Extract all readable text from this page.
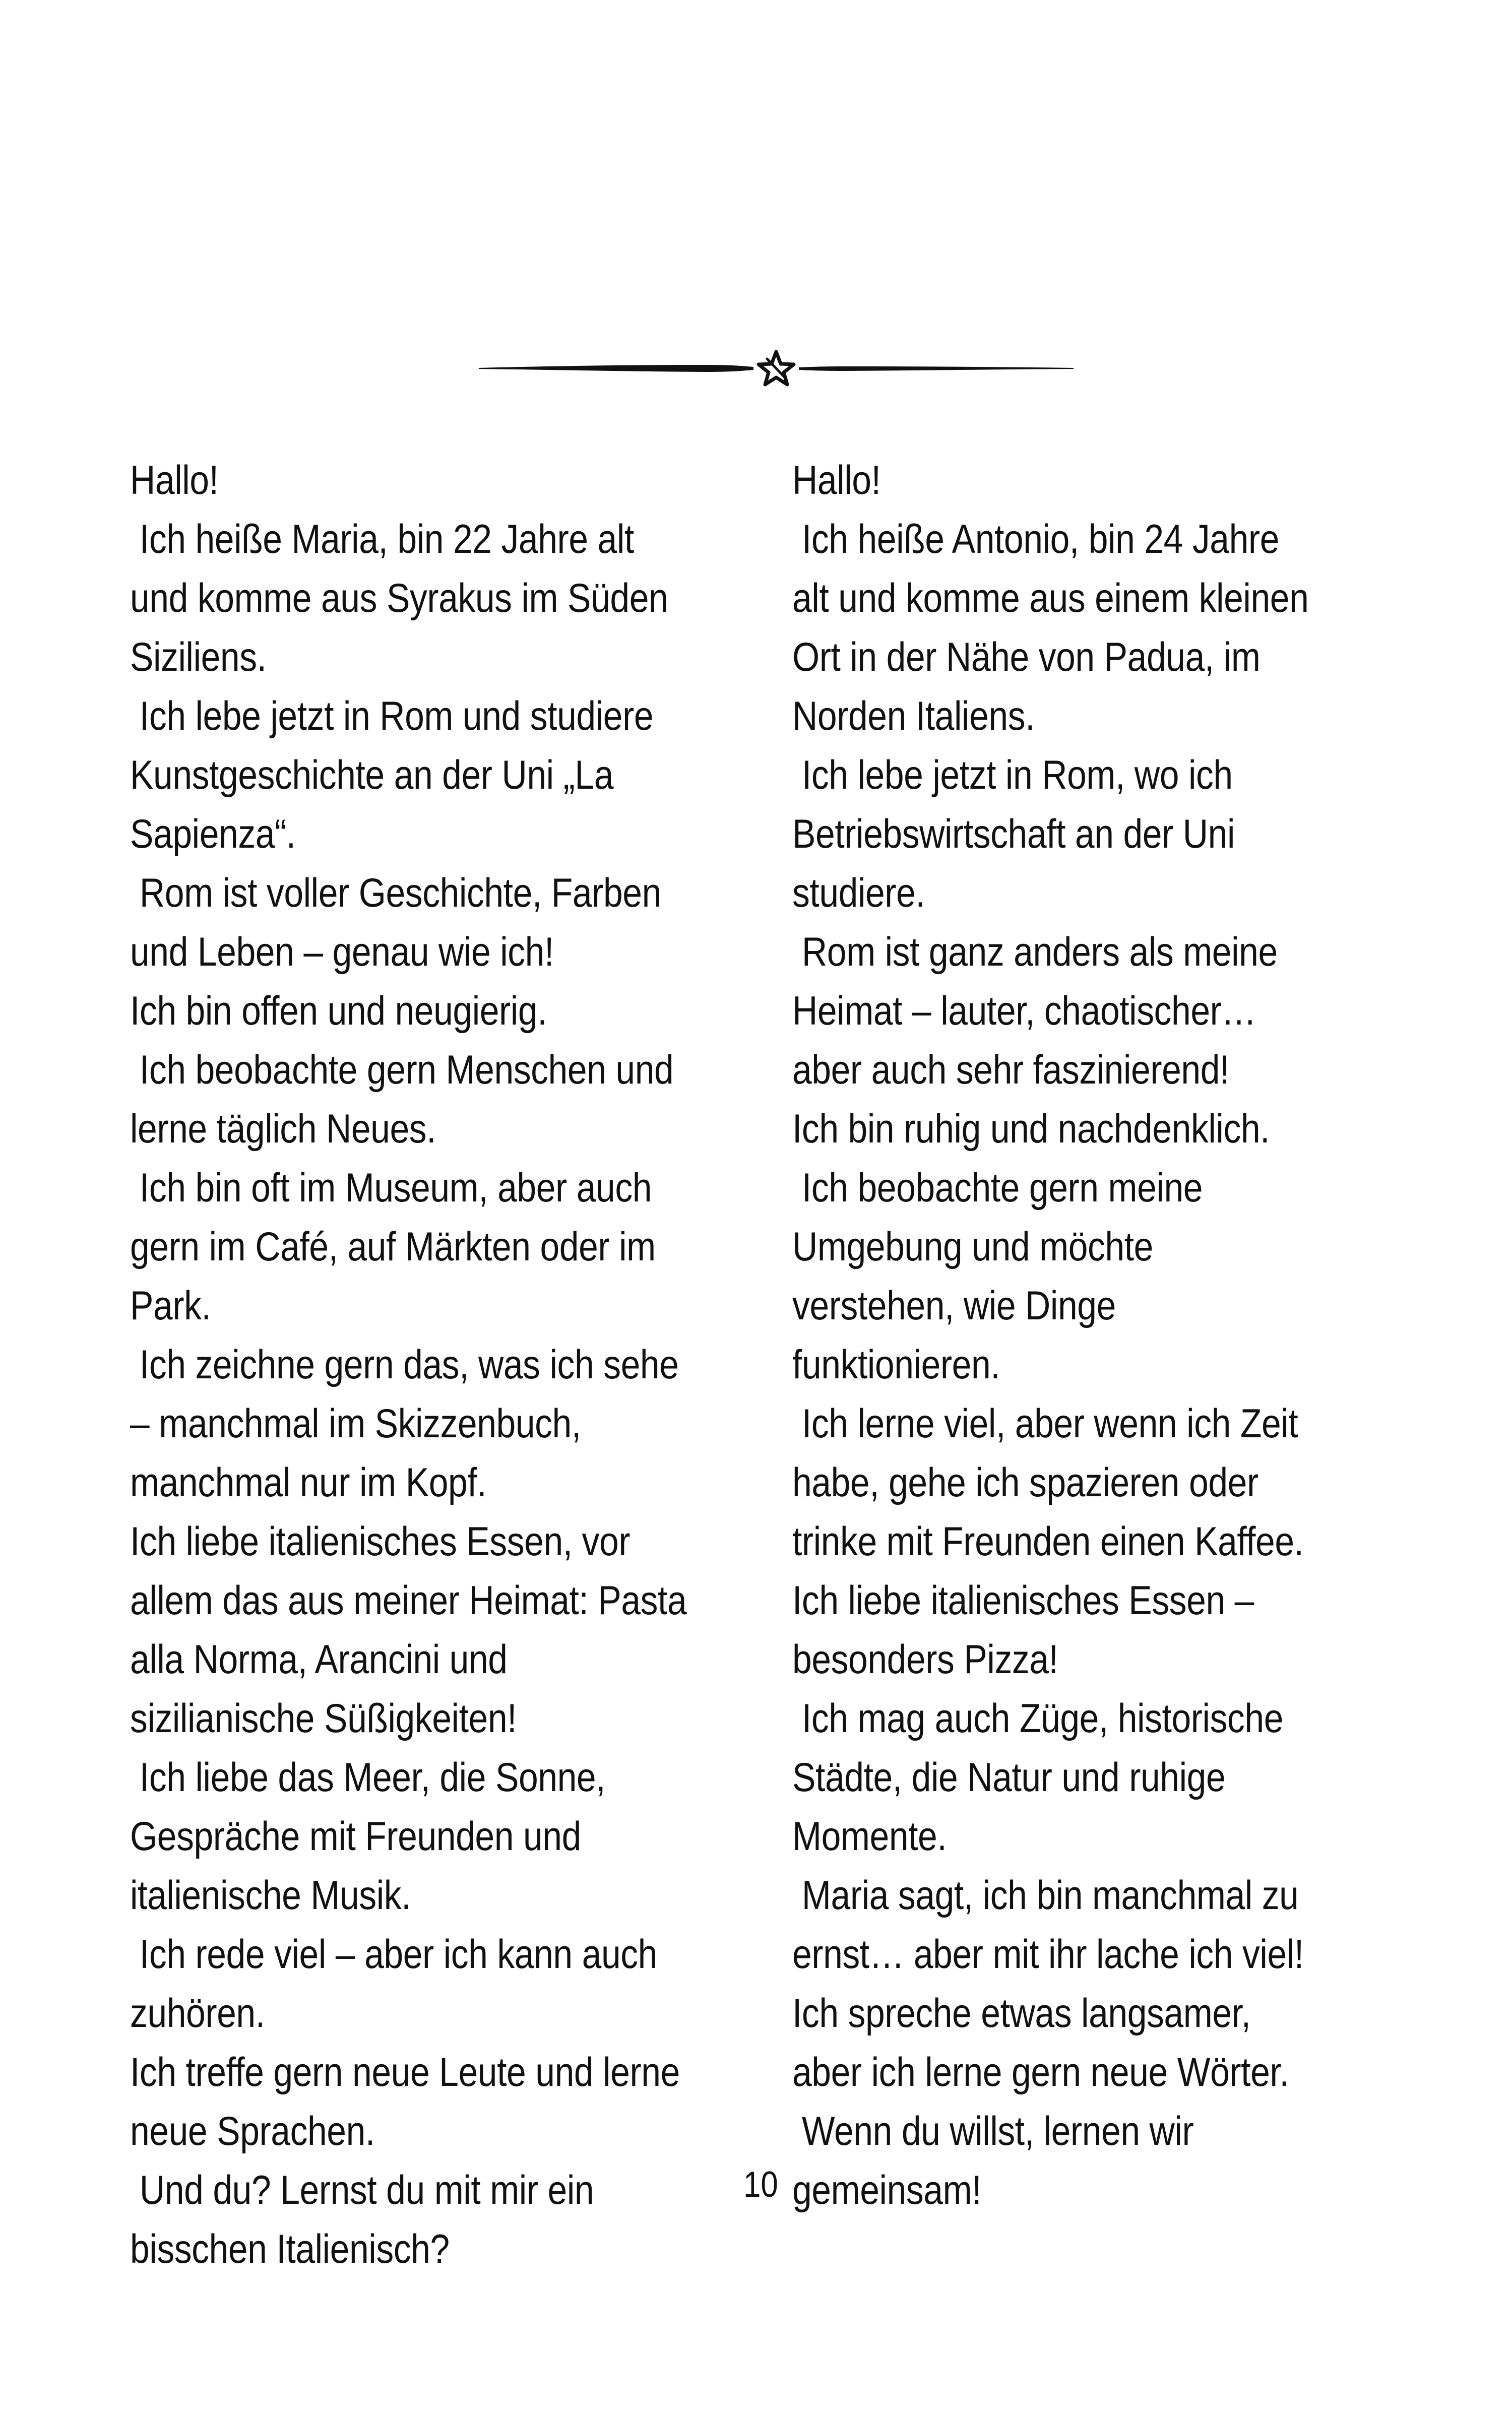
Hallo!
Ich heiße Maria, bin 22 Jahre alt
und komme aus Syrakus im Süden
Siziliens.
Ich lebe jetzt in Rom und studiere
Kunstgeschichte an der Uni „La
Sapienza“.
Rom ist voller Geschichte, Farben
und Leben – genau wie ich!
Ich bin offen und neugierig.
Ich beobachte gern Menschen und
lerne täglich Neues.
Ich bin oft im Museum, aber auch
gern im Café, auf Märkten oder im
Park.
Ich zeichne gern das, was ich sehe
– manchmal im Skizzenbuch,
manchmal nur im Kopf.
Ich liebe italienisches Essen, vor
allem das aus meiner Heimat: Pasta
alla Norma, Arancini und
sizilianische Süßigkeiten!
Ich liebe das Meer, die Sonne,
Gespräche mit Freunden und
italienische Musik.
Ich rede viel – aber ich kann auch
zuhören.
Ich treffe gern neue Leute und lerne
neue Sprachen.
Und du? Lernst du mit mir ein
bisschen Italienisch?
Hallo!
Ich heiße Antonio, bin 24 Jahre
alt und komme aus einem kleinen
Ort in der Nähe von Padua, im
Norden Italiens.
Ich lebe jetzt in Rom, wo ich
Betriebswirtschaft an der Uni
studiere.
Rom ist ganz anders als meine
Heimat – lauter, chaotischer…
aber auch sehr faszinierend!
Ich bin ruhig und nachdenklich.
Ich beobachte gern meine
Umgebung und möchte
verstehen, wie Dinge
funktionieren.
Ich lerne viel, aber wenn ich Zeit
habe, gehe ich spazieren oder
trinke mit Freunden einen Kaffee.
Ich liebe italienisches Essen –
besonders Pizza!
Ich mag auch Züge, historische
Städte, die Natur und ruhige
Momente.
Maria sagt, ich bin manchmal zu
ernst… aber mit ihr lache ich viel!
Ich spreche etwas langsamer,
aber ich lerne gern neue Wörter.
Wenn du willst, lernen wir
gemeinsam!
10
